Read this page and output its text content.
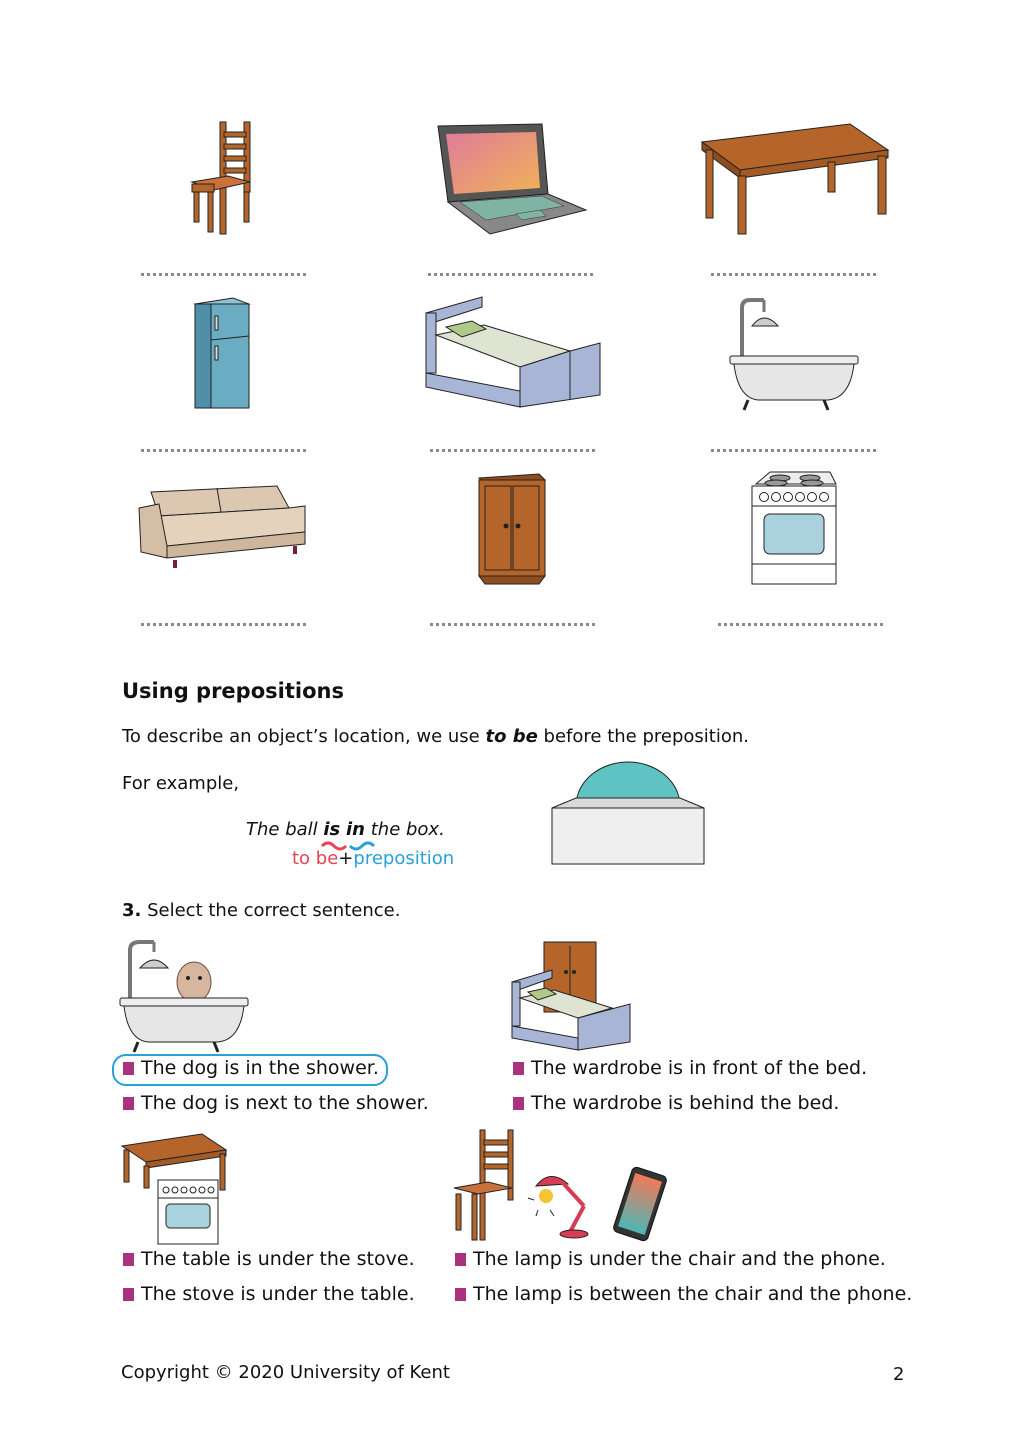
Using prepositions
To describe an object’s location, we use to be before the preposition.
For example,
The ball is in the box.
to be+preposition
3. Select the correct sentence.
The dog is in the shower.
The dog is next to the shower.
The wardrobe is in front of the bed.
The wardrobe is behind the bed.
The table is under the stove.
The stove is under the table.
The lamp is under the chair and the phone.
The lamp is between the chair and the phone.
Copyright © 2020 University of Kent	2
